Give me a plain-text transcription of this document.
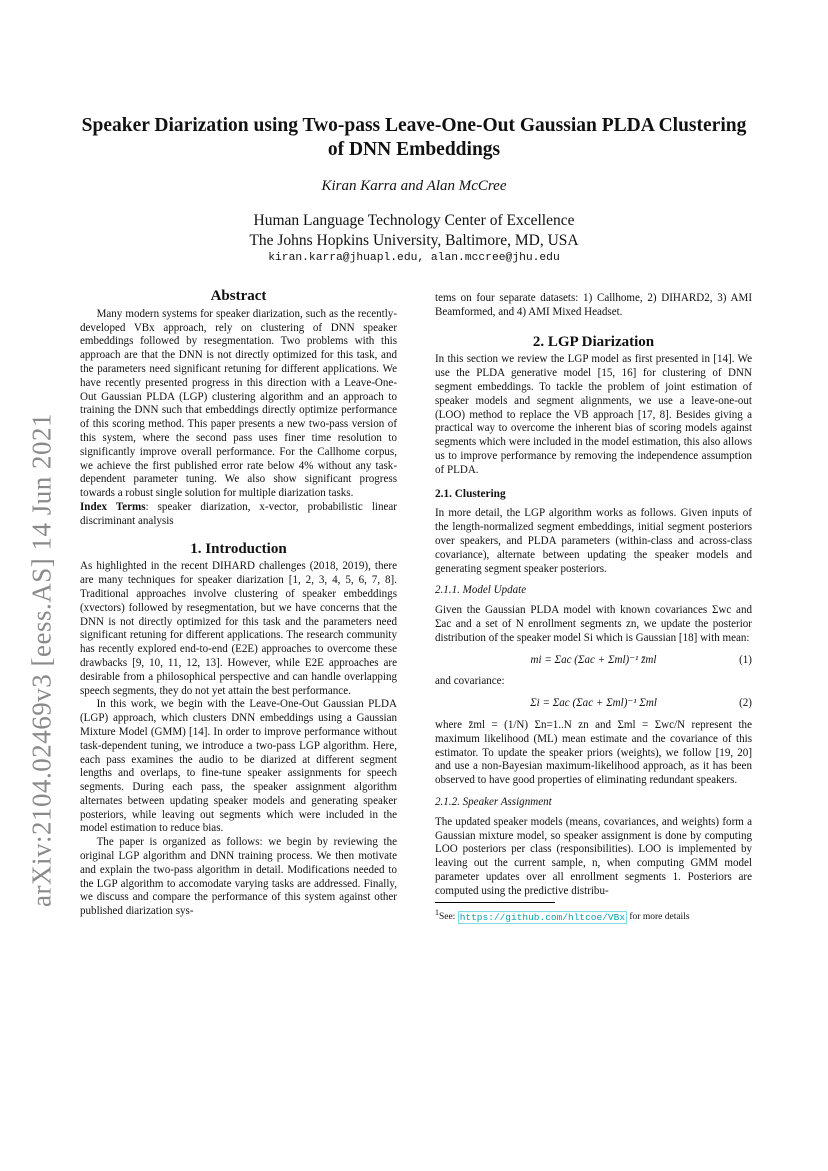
arXiv:2104.02469v3 [eess.AS] 14 Jun 2021
Speaker Diarization using Two-pass Leave-One-Out Gaussian PLDA Clustering of DNN Embeddings
Kiran Karra and Alan McCree
Human Language Technology Center of Excellence
The Johns Hopkins University, Baltimore, MD, USA
kiran.karra@jhuapl.edu, alan.mccree@jhu.edu
Abstract

Many modern systems for speaker diarization, such as the recently-developed VBx approach, rely on clustering of DNN speaker embeddings followed by resegmentation. Two problems with this approach are that the DNN is not directly optimized for this task, and the parameters need significant retuning for different applications. We have recently presented progress in this direction with a Leave-One-Out Gaussian PLDA (LGP) clustering algorithm and an approach to training the DNN such that embeddings directly optimize performance of this scoring method. This paper presents a new two-pass version of this system, where the second pass uses finer time resolution to significantly improve overall performance. For the Callhome corpus, we achieve the first published error rate below 4% without any task-dependent parameter tuning. We also show significant progress towards a robust single solution for multiple diarization tasks.

Index Terms: speaker diarization, x-vector, probabilistic linear discriminant analysis

1. Introduction

As highlighted in the recent DIHARD challenges (2018, 2019), there are many techniques for speaker diarization [1, 2, 3, 4, 5, 6, 7, 8]. Traditional approaches involve clustering of speaker embeddings (xvectors) followed by resegmentation, but we have concerns that the DNN is not directly optimized for this task and the parameters need significant retuning for different applications. The research community has recently explored end-to-end (E2E) approaches to overcome these drawbacks [9, 10, 11, 12, 13]. However, while E2E approaches are desirable from a philosophical perspective and can handle overlapping speech segments, they do not yet attain the best performance.

In this work, we begin with the Leave-One-Out Gaussian PLDA (LGP) approach, which clusters DNN embeddings using a Gaussian Mixture Model (GMM) [14]. In order to improve performance without task-dependent tuning, we introduce a two-pass LGP algorithm. Here, each pass examines the audio to be diarized at different segment lengths and overlaps, to fine-tune speaker assignments for speech segments. During each pass, the speaker assignment algorithm alternates between updating speaker models and generating speaker posteriors, while leaving out segments which were included in the model estimation to reduce bias.

The paper is organized as follows: we begin by reviewing the original LGP algorithm and DNN training process. We then motivate and explain the two-pass algorithm in detail. Modifications needed to the LGP algorithm to accomodate varying tasks are addressed. Finally, we discuss and compare the performance of this system against other published diarization sys-

tems on four separate datasets: 1) Callhome, 2) DIHARD2, 3) AMI Beamformed, and 4) AMI Mixed Headset.

2. LGP Diarization

In this section we review the LGP model as first presented in [14]. We use the PLDA generative model [15, 16] for clustering of DNN segment embeddings. To tackle the problem of joint estimation of speaker models and segment alignments, we use a leave-one-out (LOO) method to replace the VB approach [17, 8]. Besides giving a practical way to overcome the inherent bias of scoring models against segments which were included in the model estimation, this also allows us to improve performance by removing the independence assumption of PLDA.

2.1. Clustering

In more detail, the LGP algorithm works as follows. Given inputs of the length-normalized segment embeddings, initial segment posteriors over speakers, and PLDA parameters (within-class and across-class covariance), alternate between updating the speaker models and generating segment speaker posteriors.

2.1.1. Model Update

Given the Gaussian PLDA model with known covariances Σwc and Σac and a set of N enrollment segments zn, we update the posterior distribution of the speaker model Si which is Gaussian [18] with mean:

mi = Σac (Σac + Σml)⁻¹ z̄ml	(1)

and covariance:

Σi = Σac (Σac + Σml)⁻¹ Σml	(2)

where z̄ml = (1/N) Σn=1..N zn and Σml = Σwc/N represent the maximum likelihood (ML) mean estimate and the covariance of this estimator. To update the speaker priors (weights), we follow [19, 20] and use a non-Bayesian maximum-likelihood approach, as it has been observed to have good properties of eliminating redundant speakers.

2.1.2. Speaker Assignment

The updated speaker models (means, covariances, and weights) form a Gaussian mixture model, so speaker assignment is done by computing LOO posteriors per class (responsibilities). LOO is implemented by leaving out the current sample, n, when computing GMM model parameter updates over all enrollment segments 1. Posteriors are computed using the predictive distribu-

$^1$See: https://github.com/hltcoe/VBx for more details
